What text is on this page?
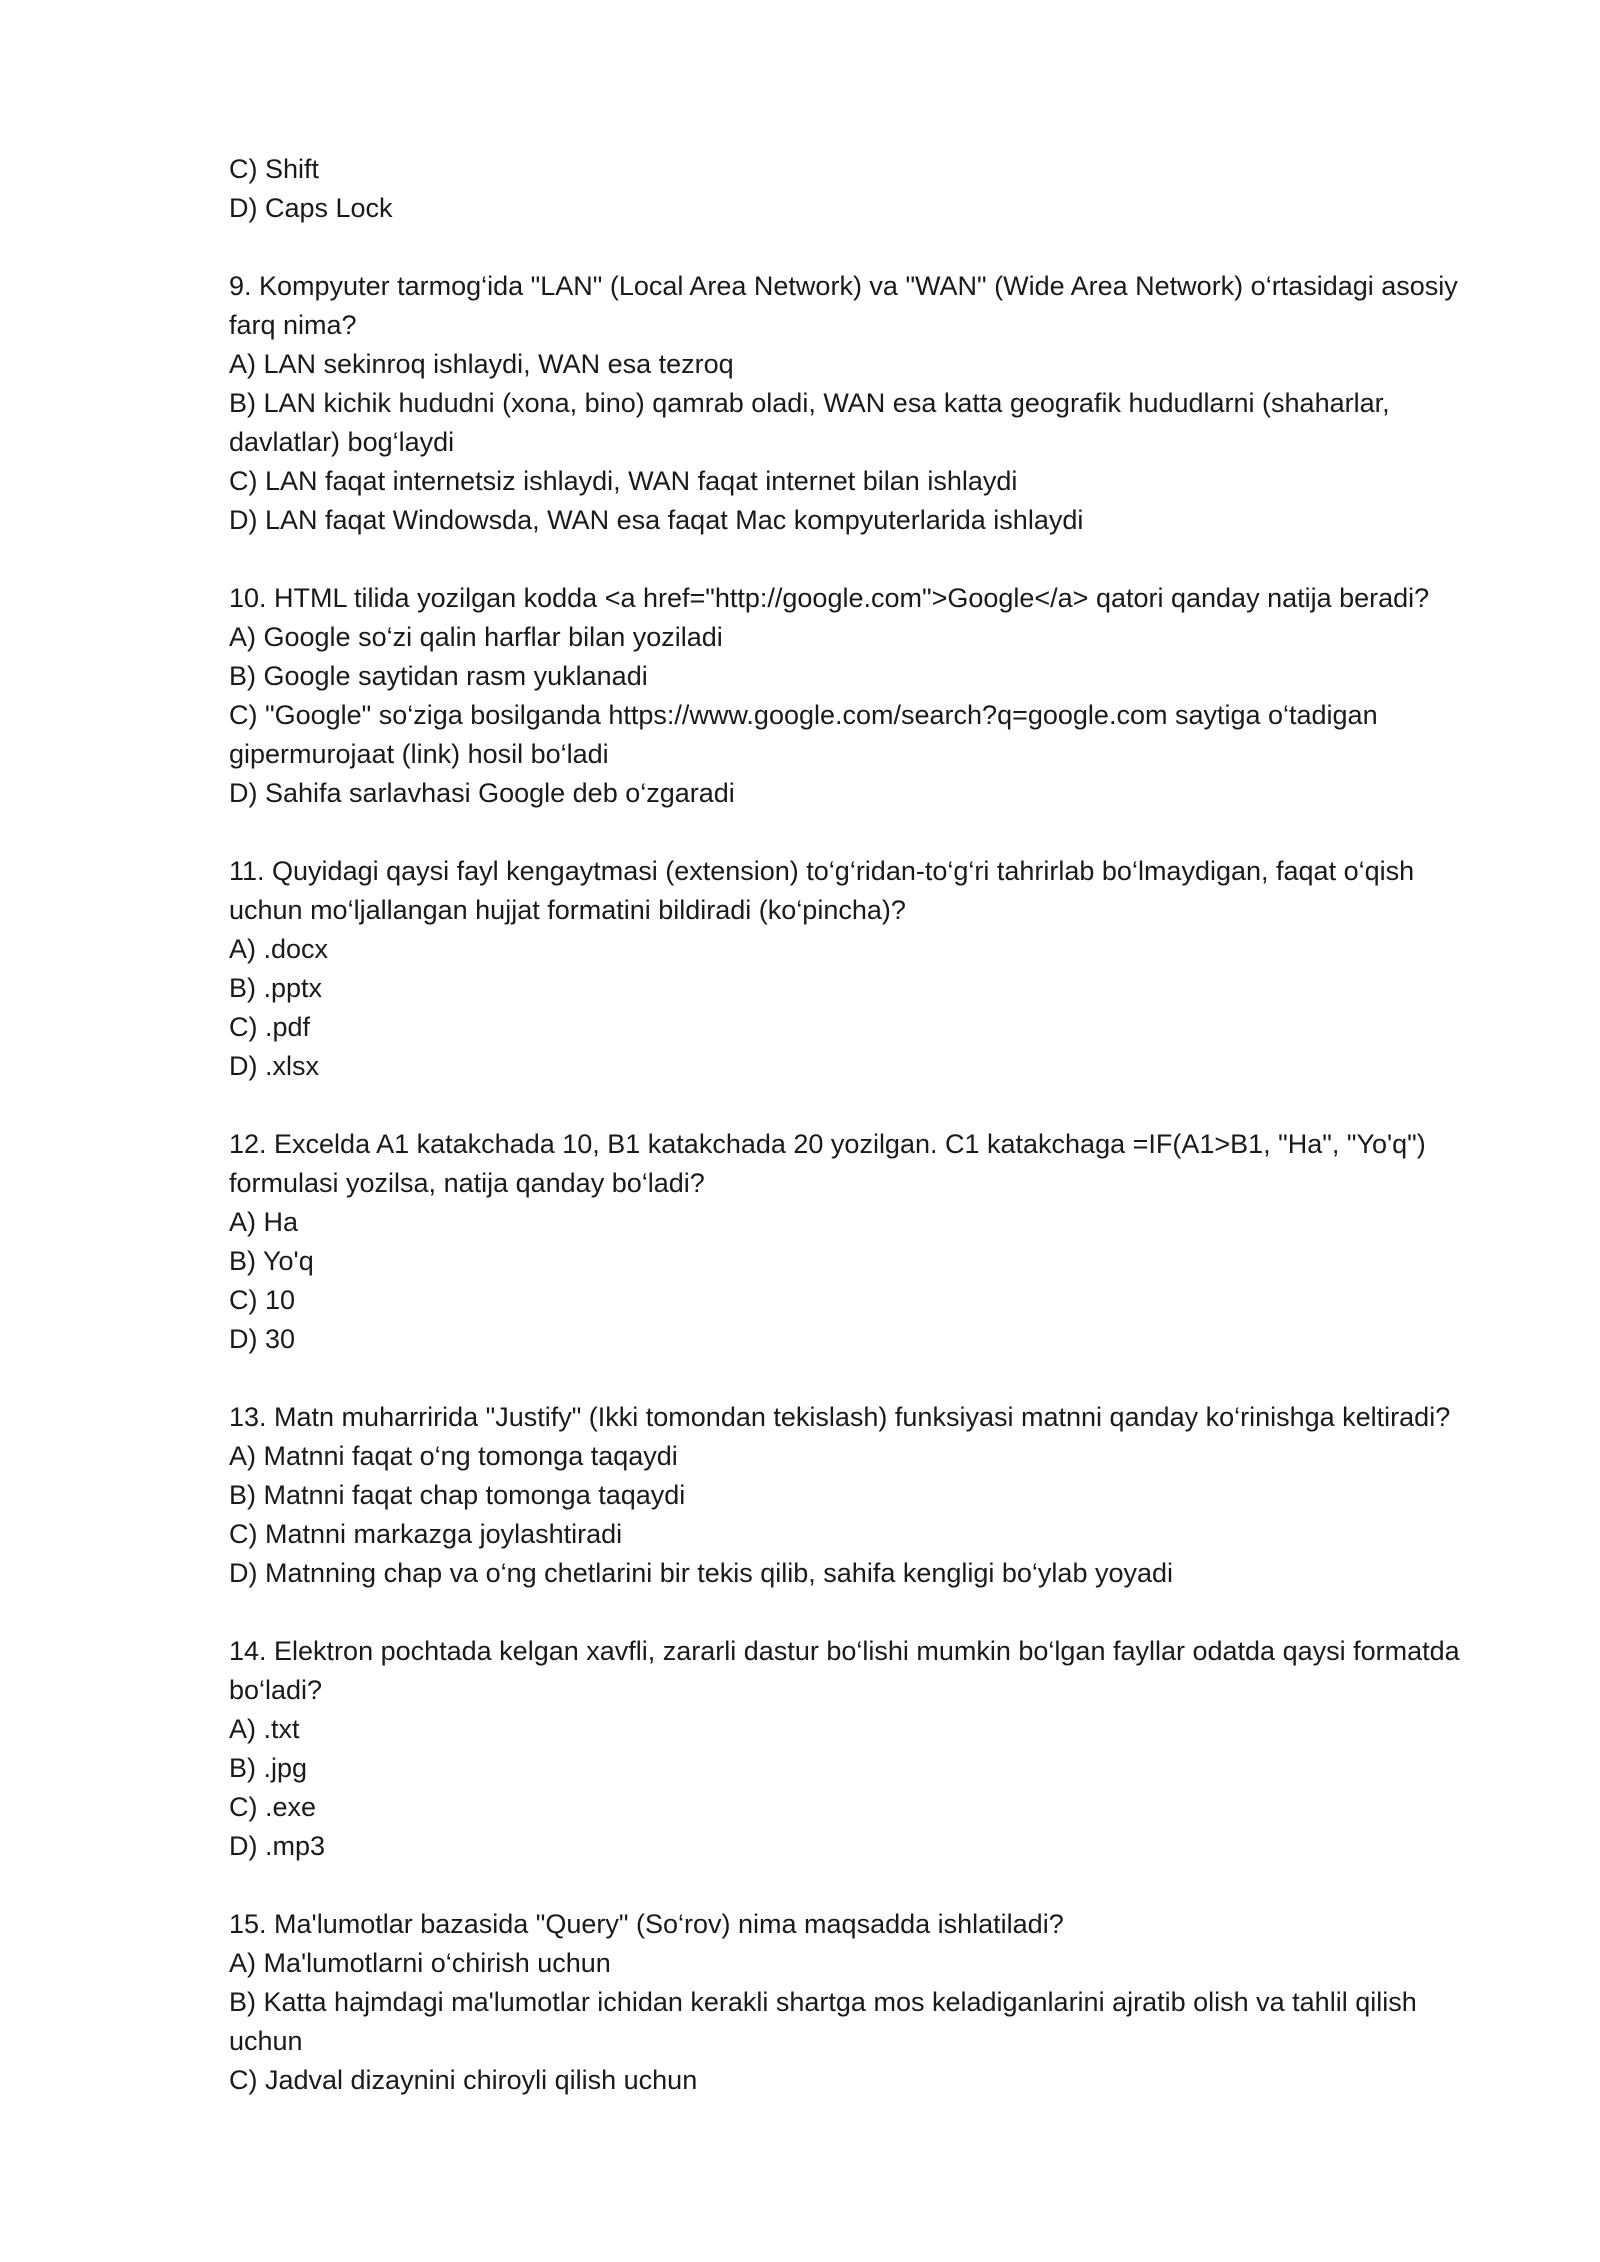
C) Shift
D) Caps Lock
9. Kompyuter tarmog‘ida "LAN" (Local Area Network) va "WAN" (Wide Area Network) o‘rtasidagi asosiy farq nima?
A) LAN sekinroq ishlaydi, WAN esa tezroq
B) LAN kichik hududni (xona, bino) qamrab oladi, WAN esa katta geografik hududlarni (shaharlar, davlatlar) bog‘laydi
C) LAN faqat internetsiz ishlaydi, WAN faqat internet bilan ishlaydi
D) LAN faqat Windowsda, WAN esa faqat Mac kompyuterlarida ishlaydi
10. HTML tilida yozilgan kodda <a href="http://google.com">Google</a> qatori qanday natija beradi?
A) Google so‘zi qalin harflar bilan yoziladi
B) Google saytidan rasm yuklanadi
C) "Google" so‘ziga bosilganda https://www.google.com/search?q=google.com saytiga o‘tadigan gipermurojaat (link) hosil bo‘ladi
D) Sahifa sarlavhasi Google deb o‘zgaradi
11. Quyidagi qaysi fayl kengaytmasi (extension) to‘g‘ridan-to‘g‘ri tahrirlab bo‘lmaydigan, faqat o‘qish uchun mo‘ljallangan hujjat formatini bildiradi (ko‘pincha)?
A) .docx
B) .pptx
C) .pdf
D) .xlsx
12. Excelda A1 katakchada 10, B1 katakchada 20 yozilgan. C1 katakchaga =IF(A1>B1, "Ha", "Yo'q") formulasi yozilsa, natija qanday bo‘ladi?
A) Ha
B) Yo'q
C) 10
D) 30
13. Matn muharririda "Justify" (Ikki tomondan tekislash) funksiyasi matnni qanday ko‘rinishga keltiradi?
A) Matnni faqat o‘ng tomonga taqaydi
B) Matnni faqat chap tomonga taqaydi
C) Matnni markazga joylashtiradi
D) Matnning chap va o‘ng chetlarini bir tekis qilib, sahifa kengligi bo‘ylab yoyadi
14. Elektron pochtada kelgan xavfli, zararli dastur bo‘lishi mumkin bo‘lgan fayllar odatda qaysi formatda bo‘ladi?
A) .txt
B) .jpg
C) .exe
D) .mp3
15. Ma'lumotlar bazasida "Query" (So‘rov) nima maqsadda ishlatiladi?
A) Ma'lumotlarni o‘chirish uchun
B) Katta hajmdagi ma'lumotlar ichidan kerakli shartga mos keladiganlarini ajratib olish va tahlil qilish uchun
C) Jadval dizaynini chiroyli qilish uchun
